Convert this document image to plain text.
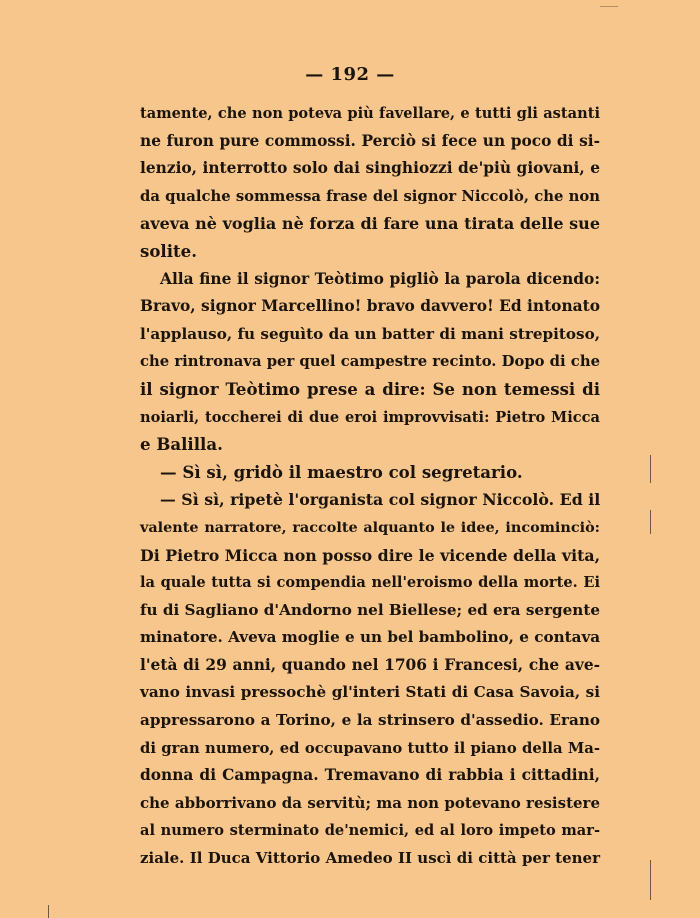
— 192 —
tamente, che non poteva più favellare, e tutti gli astanti
ne furon pure commossi. Perciò si fece un poco di si-
lenzio, interrotto solo dai singhiozzi de'più giovani, e
da qualche sommessa frase del signor Niccolò, che non
aveva nè voglia nè forza di fare una tirata delle sue
solite.
Alla fine il signor Teòtimo pigliò la parola dicendo:
Bravo, signor Marcellino! bravo davvero! Ed intonato
l'applauso, fu seguìto da un batter di mani strepitoso,
che rintronava per quel campestre recinto. Dopo di che
il signor Teòtimo prese a dire: Se non temessi di
noiarli, toccherei di due eroi improvvisati: Pietro Micca
e Balilla.
— Sì sì, gridò il maestro col segretario.
— Sì sì, ripetè l'organista col signor Niccolò. Ed il
valente narratore, raccolte alquanto le idee, incominciò:
Di Pietro Micca non posso dire le vicende della vita,
la quale tutta si compendia nell'eroismo della morte. Ei
fu di Sagliano d'Andorno nel Biellese; ed era sergente
minatore. Aveva moglie e un bel bambolino, e contava
l'età di 29 anni, quando nel 1706 i Francesi, che ave-
vano invasi pressochè gl'interi Stati di Casa Savoia, si
appressarono a Torino, e la strinsero d'assedio. Erano
di gran numero, ed occupavano tutto il piano della Ma-
donna di Campagna. Tremavano di rabbia i cittadini,
che abborrivano da servitù; ma non potevano resistere
al numero sterminato de'nemici, ed al loro impeto mar-
ziale. Il Duca Vittorio Amedeo II uscì di città per tener
